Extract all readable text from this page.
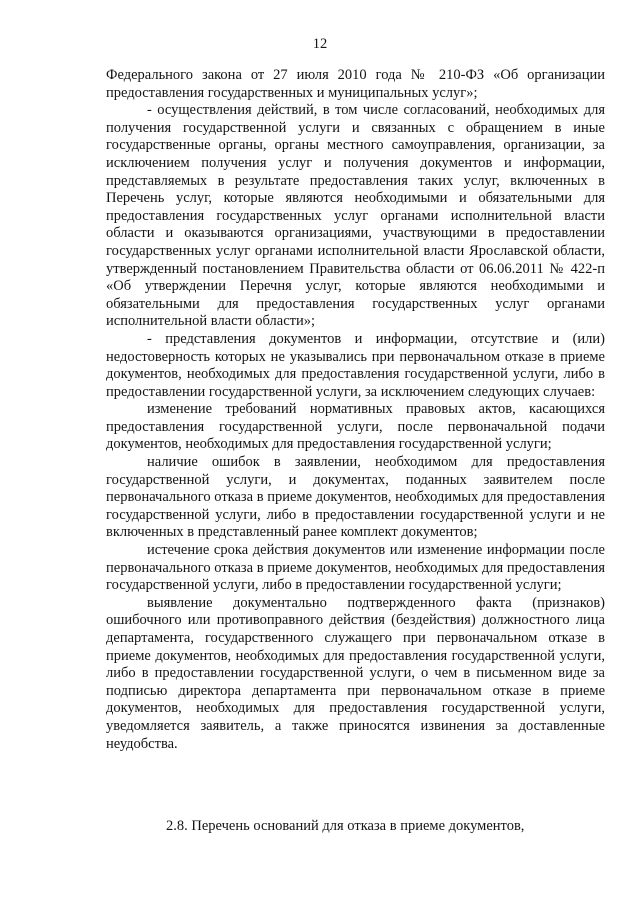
12

Федерального закона от 27 июля 2010 года № 210-ФЗ «Об организации предоставления государственных и муниципальных услуг»;

- осуществления действий, в том числе согласований, необходимых для получения государственной услуги и связанных с обращением в иные государственные органы, органы местного самоуправления, организации, за исключением получения услуг и получения документов и информации, представляемых в результате предоставления таких услуг, включенных в Перечень услуг, которые являются необходимыми и обязательными для предоставления государственных услуг органами исполнительной власти области и оказываются организациями, участвующими в предоставлении государственных услуг органами исполнительной власти Ярославской области, утвержденный постановлением Правительства области от 06.06.2011 № 422-п «Об утверждении Перечня услуг, которые являются необходимыми и обязательными для предоставления государственных услуг органами исполнительной власти области»;

- представления документов и информации, отсутствие и (или) недостоверность которых не указывались при первоначальном отказе в приеме документов, необходимых для предоставления государственной услуги, либо в предоставлении государственной услуги, за исключением следующих случаев:

изменение требований нормативных правовых актов, касающихся предоставления государственной услуги, после первоначальной подачи документов, необходимых для предоставления государственной услуги;

наличие ошибок в заявлении, необходимом для предоставления государственной услуги, и документах, поданных заявителем после первоначального отказа в приеме документов, необходимых для предоставления государственной услуги, либо в предоставлении государственной услуги и не включенных в представленный ранее комплект документов;

истечение срока действия документов или изменение информации после первоначального отказа в приеме документов, необходимых для предоставления государственной услуги, либо в предоставлении государственной услуги;

выявление документально подтвержденного факта (признаков) ошибочного или противоправного действия (бездействия) должностного лица департамента, государственного служащего при первоначальном отказе в приеме документов, необходимых для предоставления государственной услуги, либо в предоставлении государственной услуги, о чем в письменном виде за подписью директора департамента при первоначальном отказе в приеме документов, необходимых для предоставления государственной услуги, уведомляется заявитель, а также приносятся извинения за доставленные неудобства.

2.8. Перечень оснований для отказа в приеме документов,
